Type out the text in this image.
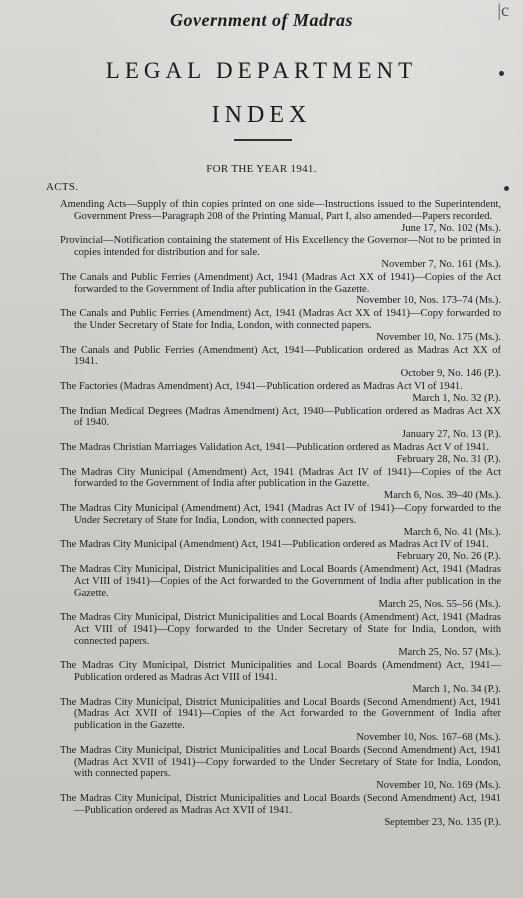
|c
Government of Madras
LEGAL DEPARTMENT
INDEX
FOR THE YEAR 1941.
ACTS.
Amending Acts—Supply of thin copies printed on one side—Instructions issued to the Superintendent, Government Press—Paragraph 208 of the Printing Manual, Part I, also amended—Papers recorded.
June 17, No. 102 (Ms.).
Provincial—Notification containing the statement of His Excellency the Governor—Not to be printed in copies intended for distribution and for sale.
November 7, No. 161 (Ms.).
The Canals and Public Ferries (Amendment) Act, 1941 (Madras Act XX of 1941)—Copies of the Act forwarded to the Government of India after publication in the Gazette.
November 10, Nos. 173–74 (Ms.).
The Canals and Public Ferries (Amendment) Act, 1941 (Madras Act XX of 1941)—Copy forwarded to the Under Secretary of State for India, London, with connected papers.
November 10, No. 175 (Ms.).
The Canals and Public Ferries (Amendment) Act, 1941—Publication ordered as Madras Act XX of 1941.
October 9, No. 146 (P.).
The Factories (Madras Amendment) Act, 1941—Publication ordered as Madras Act VI of 1941.
March 1, No. 32 (P.).
The Indian Medical Degrees (Madras Amendment) Act, 1940—Publication ordered as Madras Act XX of 1940.
January 27, No. 13 (P.).
The Madras Christian Marriages Validation Act, 1941—Publication ordered as Madras Act V of 1941.
February 28, No. 31 (P.).
The Madras City Municipal (Amendment) Act, 1941 (Madras Act IV of 1941)—Copies of the Act forwarded to the Government of India after publication in the Gazette.
March 6, Nos. 39–40 (Ms.).
The Madras City Municipal (Amendment) Act, 1941 (Madras Act IV of 1941)—Copy forwarded to the Under Secretary of State for India, London, with connected papers.
March 6, No. 41 (Ms.).
The Madras City Municipal (Amendment) Act, 1941—Publication ordered as Madras Act IV of 1941.
February 20, No. 26 (P.).
The Madras City Municipal, District Municipalities and Local Boards (Amendment) Act, 1941 (Madras Act VIII of 1941)—Copies of the Act forwarded to the Government of India after publication in the Gazette.
March 25, Nos. 55–56 (Ms.).
The Madras City Municipal, District Municipalities and Local Boards (Amendment) Act, 1941 (Madras Act VIII of 1941)—Copy forwarded to the Under Secretary of State for India, London, with connected papers.
March 25, No. 57 (Ms.).
The Madras City Municipal, District Municipalities and Local Boards (Amendment) Act, 1941—Publication ordered as Madras Act VIII of 1941.
March 1, No. 34 (P.).
The Madras City Municipal, District Municipalities and Local Boards (Second Amendment) Act, 1941 (Madras Act XVII of 1941)—Copies of the Act forwarded to the Government of India after publication in the Gazette.
November 10, Nos. 167–68 (Ms.).
The Madras City Municipal, District Municipalities and Local Boards (Second Amendment) Act, 1941 (Madras Act XVII of 1941)—Copy forwarded to the Under Secretary of State for India, London, with connected papers.
November 10, No. 169 (Ms.).
The Madras City Municipal, District Municipalities and Local Boards (Second Amendment) Act, 1941—Publication ordered as Madras Act XVII of 1941.
September 23, No. 135 (P.).
